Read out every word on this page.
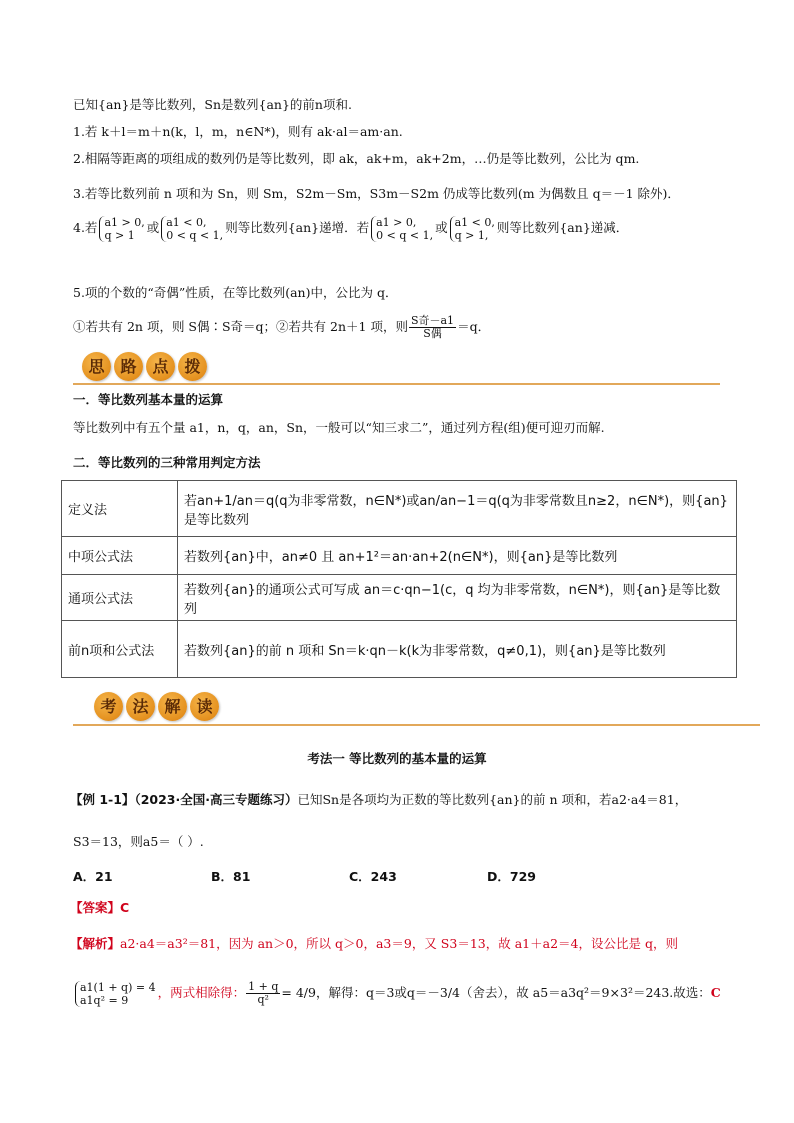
已知{an}是等比数列，Sn是数列{an}的前n项和.
1.若 k＋l＝m＋n(k，l，m，n∈N*)，则有 ak·al＝am·an.
2.相隔等距离的项组成的数列仍是等比数列，即 ak，ak+m，ak+2m，…仍是等比数列，公比为 qm.
3.若等比数列前 n 项和为 Sn，则 Sm，S2m－Sm，S3m－S2m 仍成等比数列(m 为偶数且 q＝－1 除外)．
4.若 a1 > 0,
q > 1 或 a1 < 0,
0 < q < 1, 则等比数列{an}递增．若 a1 > 0,
0 < q < 1, 或 a1 < 0,
q > 1, 则等比数列{an}递减．
5.项的个数的“奇偶”性质，在等比数列(an)中，公比为 q．
①若共有 2n 项，则 S偶∶S奇＝q；②若共有 2n＋1 项，则 $\frac{\text{S奇－a1}}{\text{S偶}} =q$．
思 路 点 拨
一．等比数列基本量的运算
等比数列中有五个量 a1，n，q，an，Sn，一般可以“知三求二”，通过列方程(组)便可迎刃而解.
二．等比数列的三种常用判定方法
定义法	若an+1/an＝q(q为非零常数，n∈N*)或an/an−1＝q(q为非零常数且n≥2，n∈N*)，则{an}是等比数列
中项公式法	若数列{an}中，an≠0 且 an+1²＝an·an+2(n∈N*)，则{an}是等比数列
通项公式法	若数列{an}的通项公式可写成 an＝c·qn−1(c，q 均为非零常数，n∈N*)，则{an}是等比数列
前n项和公式法	若数列{an}的前 n 项和 Sn＝k·qn－k(k为非零常数，q≠0,1)，则{an}是等比数列
考 法 解 读
考法一 等比数列的基本量的运算
【例 1-1】（2023·全国·高三专题练习）已知Sn是各项均为正数的等比数列{an}的前 n 项和，若a2·a4＝81，
S3＝13，则a5＝（ ）.
A．21	B．81	C．243	D．729
【答案】C
【解析】a2·a4＝a3²＝81，因为 an＞0，所以 q＞0，a3＝9，又 S3＝13，故 a1＋a2＝4，设公比是 q，则
a1(1 + q) = 4
a1q² = 9 ，两式相除得： $\frac{1 + q}{\text{q²}} = 4/9$，解得：q＝3或q＝－3/4（舍去），故 a5＝a3q²＝9×3²＝243.故选：C
